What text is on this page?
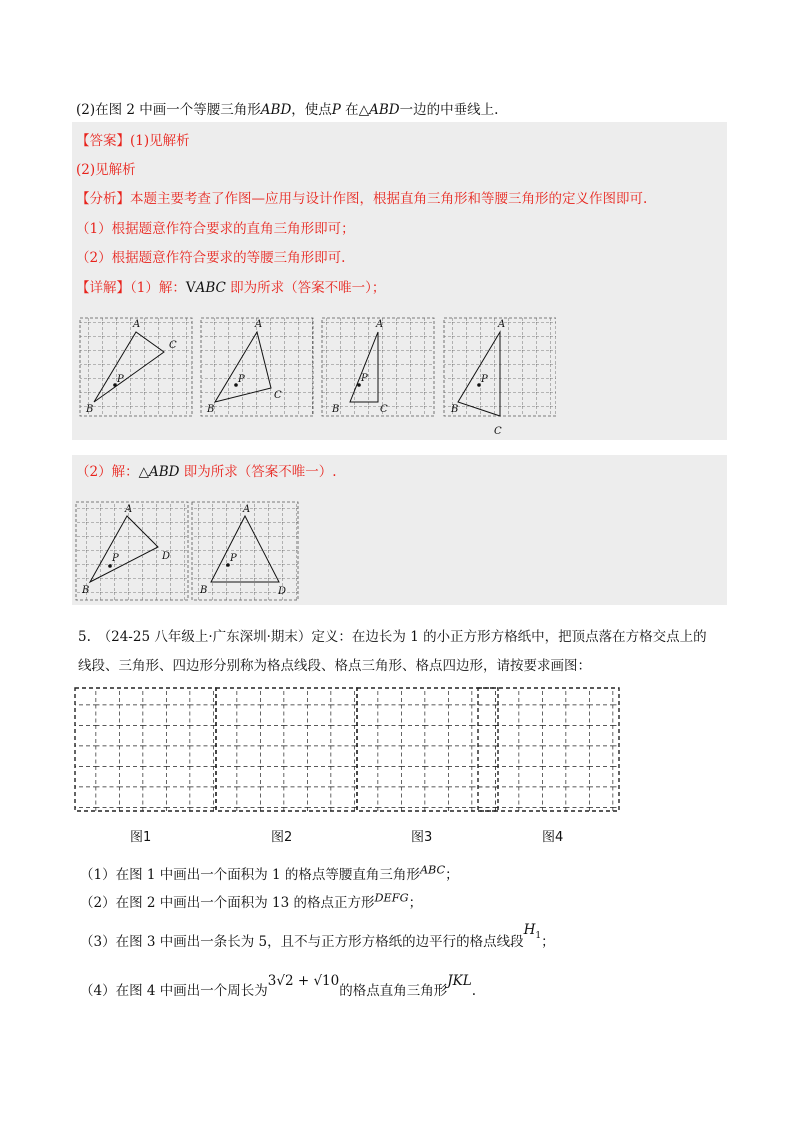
(2)在图 2 中画一个等腰三角形ABD，使点P 在△ABD一边的中垂线上.
【答案】(1)见解析
(2)见解析
【分析】本题主要考查了作图—应用与设计作图，根据直角三角形和等腰三角形的定义作图即可.
（1）根据题意作符合要求的直角三角形即可；
（2）根据题意作符合要求的等腰三角形即可.
【详解】（1）解：VABC 即为所求（答案不唯一）；
A
B
C
P
A
B
C
P
A
B	C
P
A
B
C
P
（2）解：△ABD 即为所求（答案不唯一）.
A
B
D
P
A
B	D
P
5.　（24-25 八年级上·广东深圳·期末）定义：在边长为 1 的小正方形方格纸中，把顶点落在方格交点上的
线段、三角形、四边形分别称为格点线段、格点三角形、格点四边形，请按要求画图：
图1	图2	图3	图4
（1）在图 1 中画出一个面积为 1 的格点等腰直角三角形$^{ABC}$；
（2）在图 2 中画出一个面积为 13 的格点正方形$^{DEFG}$；
（3）在图 3 中画出一条长为 5，且不与正方形方格纸的边平行的格点线段$H^1$；
（4）在图 4 中画出一个周长为3√2 + √10的格点直角三角形JKL.
